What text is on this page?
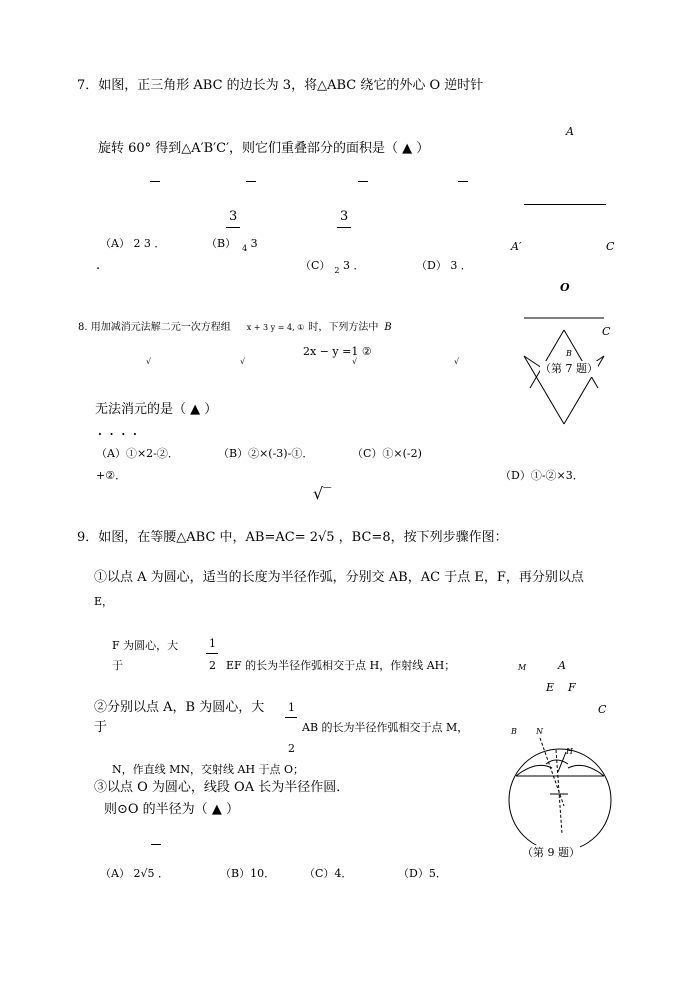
7．如图，正三角形 ABC 的边长为 3，将△ABC 绕它的外心 O 逆时针
旋转 60° 得到△A′B′C′，则它们重叠部分的面积是（ ▲ ）
3	3
（A） 2 3 ．	（B） $_4$ 3
.	（C） $_2$ 3 ．	（D） 3 ．
A
A′	C
O
C
B
（第 7 题）
8. 用加减消元法解二元一次方程组 x + 3 y = 4, ① 时，下列方法中 B
2x − y =1 ②
√	√	√	√
无法消元的是（ ▲ ）
. . . .
（A）①×2-②．	（B）②×(-3)-①．	（C）①×(-2)
+②．	（D）①-②×3．
√‾
9．如图，在等腰△ABC 中，AB=AC= 2√5 ，BC=8，按下列步骤作图：
①以点 A 为圆心，适当的长度为半径作弧，分别交 AB，AC 于点 E，F，再分别以点
E，
F 为圆心，大
于
1
2 EF 的长为半径作弧相交于点 H，作射线 AH；
②分别以点 A，B 为圆心，大
于
1
2
AB 的长为半径作弧相交于点 M，
N，作直线 MN，交射线 AH 于点 O；
③以点 O 为圆心，线段 OA 长为半径作圆．
则⊙O 的半径为（ ▲ ）
（A） 2√5 ．	（B）10．	（C）4．	（D）5．
M	A
E F
C
B N
H
（第 9 题）
